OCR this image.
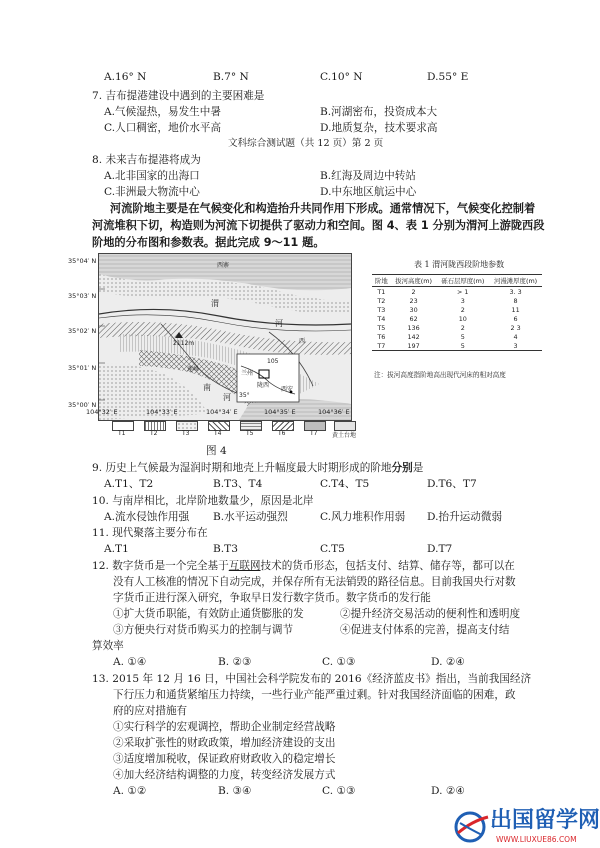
A.16° N	B.7° N	C.10° N	D.55° E
7. 吉布提港建设中遇到的主要困难是
A.气候湿热，易发生中暑	B.河湖密布，投资成本大
C.人口稠密，地价水平高	D.地质复杂，技术要求高
文科综合测试题（共 12 页）第 2 页
8. 未来吉布提港将成为
A.北非国家的出海口	B.红海及周边中转站
C.非洲最大物流中心	D.中东地区航运中心
河流阶地主要是在气候变化和构造抬升共同作用下形成。通常情况下，气候变化控制着
河流堆积下切，构造则为河流下切提供了驱动力和空间。图 4、表 1 分别为渭河上游陇西段
阶地的分布图和参数表。据此完成 9～11 题。
35°04′ N
35°03′ N
35°02′ N
35°01′ N
35°00′ N
西寨
渭
河
2112m	西
莲峰
南
河
105
兰州
陇西
西安
35°
104°32′ E	104°33′ E	104°34′ E	104°35′ E	104°36′ E
T1	T2	T3	T4	T5	T6	T7 黄土台地
图 4
表 1 渭河陇西段阶地参数
阶地	拔河高度(m)	砾石层厚度(m)	河漫滩厚度(m)
T1	2	> 1	3. 3
T2	23	3	8
T3	30	2	11
T4	62	10	6
T5	136	2	2 3
T6	142	5	4
T7	197	5	3
注：拔河高度指阶地高出现代河床的相对高度
9. 历史上气候最为湿润时期和地壳上升幅度最大时期形成的阶地分别是
A.T1、T2	B.T3、T4	C.T4、T5	D.T6、T7
10. 与南岸相比，北岸阶地数量少，原因是北岸
A.流水侵蚀作用强 B.水平运动强烈	C.风力堆积作用弱 D.抬升运动微弱
11. 现代聚落主要分布在
A.T1	B.T3	C.T5	D.T7
12. 数字货币是一个完全基于互联网技术的货币形态，包括支付、结算、储存等，都可以在
没有人工核准的情况下自动完成，并保存所有无法销毁的路径信息。目前我国央行对数
字货币正进行深入研究，争取早日发行数字货币。数字货币的发行能
①扩大货币职能，有效防止通货膨胀的发	②提升经济交易活动的便利性和透明度
③方便央行对货币购买力的控制与调节	④促进支付体系的完善，提高支付结
算效率
A. ①④	B. ②③	C. ①③	D. ②④
13. 2015 年 12 月 16 日，中国社会科学院发布的 2016《经济蓝皮书》指出，当前我国经济
下行压力和通货紧缩压力持续，一些行业产能严重过剩。针对我国经济面临的困难，政
府的应对措施有
①实行科学的宏观调控，帮助企业制定经营战略
②采取扩张性的财政政策，增加经济建设的支出
③适度增加税收，保证政府财政收入的稳定增长
④加大经济结构调整的力度，转变经济发展方式
A. ①②	B. ③④	C. ①③	D. ②④
出国留学网
WWW.LIUXUE86.COM
